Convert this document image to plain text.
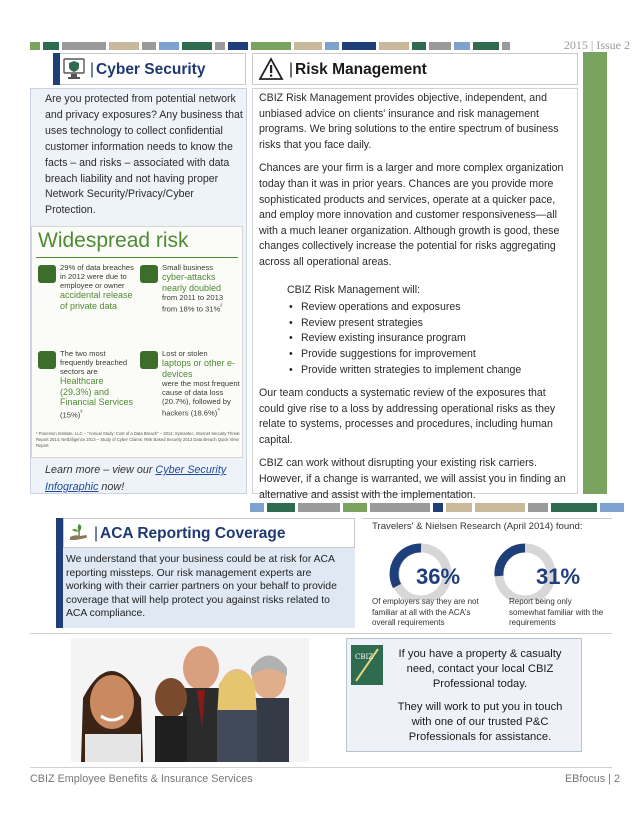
2015 | Issue 2
| Cyber Security	| Risk Management
Are you protected from potential network and privacy exposures? Any business that uses technology to collect confidential customer information needs to know the facts – and risks – associated with data breach liability and not having proper Network Security/Privacy/Cyber Protection.
Widespread risk
29% of data breaches in 2012 were due to employee or owner
accidental release of private data
Small business
cyber-attacks nearly doubled
from 2011 to 2013 from 18% to 31%$^{^2}$
The two most frequently breached sectors are
Healthcare (29.3%) and Financial Services
$(15\%)^{^3}$
Lost or stolen
laptops or other e-devices
were the most frequent cause of data loss (20.7%), followed by hackers $(18.6\%)^{^4}$
* Ponemon Institute, LLC – "Annual Study: Cost of a Data Breach" – 2014; Symantec, Internet Security Threat Report 2014; NetDiligence 2013 – Study of Cyber Claims; Risk Based Security 2013 Data Breach Quick View Report
Learn more – view our Cyber Security Infographic now!

CBIZ Risk Management provides objective, independent, and unbiased advice on clients' insurance and risk management programs. We bring solutions to the entire spectrum of business risks that you face daily.

Chances are your firm is a larger and more complex organization today than it was in prior years. Chances are you provide more sophisticated products and services, operate at a quicker pace, and employ more innovation and customer responsiveness—all with a much leaner organization. Although growth is good, these changes collectively increase the potential for risks aggregating across all operational areas.

CBIZ Risk Management will:
• Review operations and exposures
• Review present strategies
• Review existing insurance program
• Provide suggestions for improvement
• Provide written strategies to implement change

Our team conducts a systematic review of the exposures that could give rise to a loss by addressing operational risks as they relate to systems, processes and procedures, including human capital.

CBIZ can work without disrupting your existing risk carriers. However, if a change is warranted, we will assist you in finding an alternative and assist with the implementation.

| ACA Reporting Coverage
We understand that your business could be at risk for ACA reporting missteps. Our risk management experts are working with their carrier partners on your behalf to provide coverage that will help protect you against risks related to ACA compliance.
Travelers' & Nielsen Research (April 2014) found:
36%
Of employers say they are not familiar at all with the ACA's overall requirements
31%
Report being only somewhat familiar with the requirements
CBIZ	If you have a property & casualty need, contact your local CBIZ Professional today.

They will work to put you in touch with one of our trusted P&C Professionals for assistance.

CBIZ Employee Benefits & Insurance Services	EBfocus | 2
